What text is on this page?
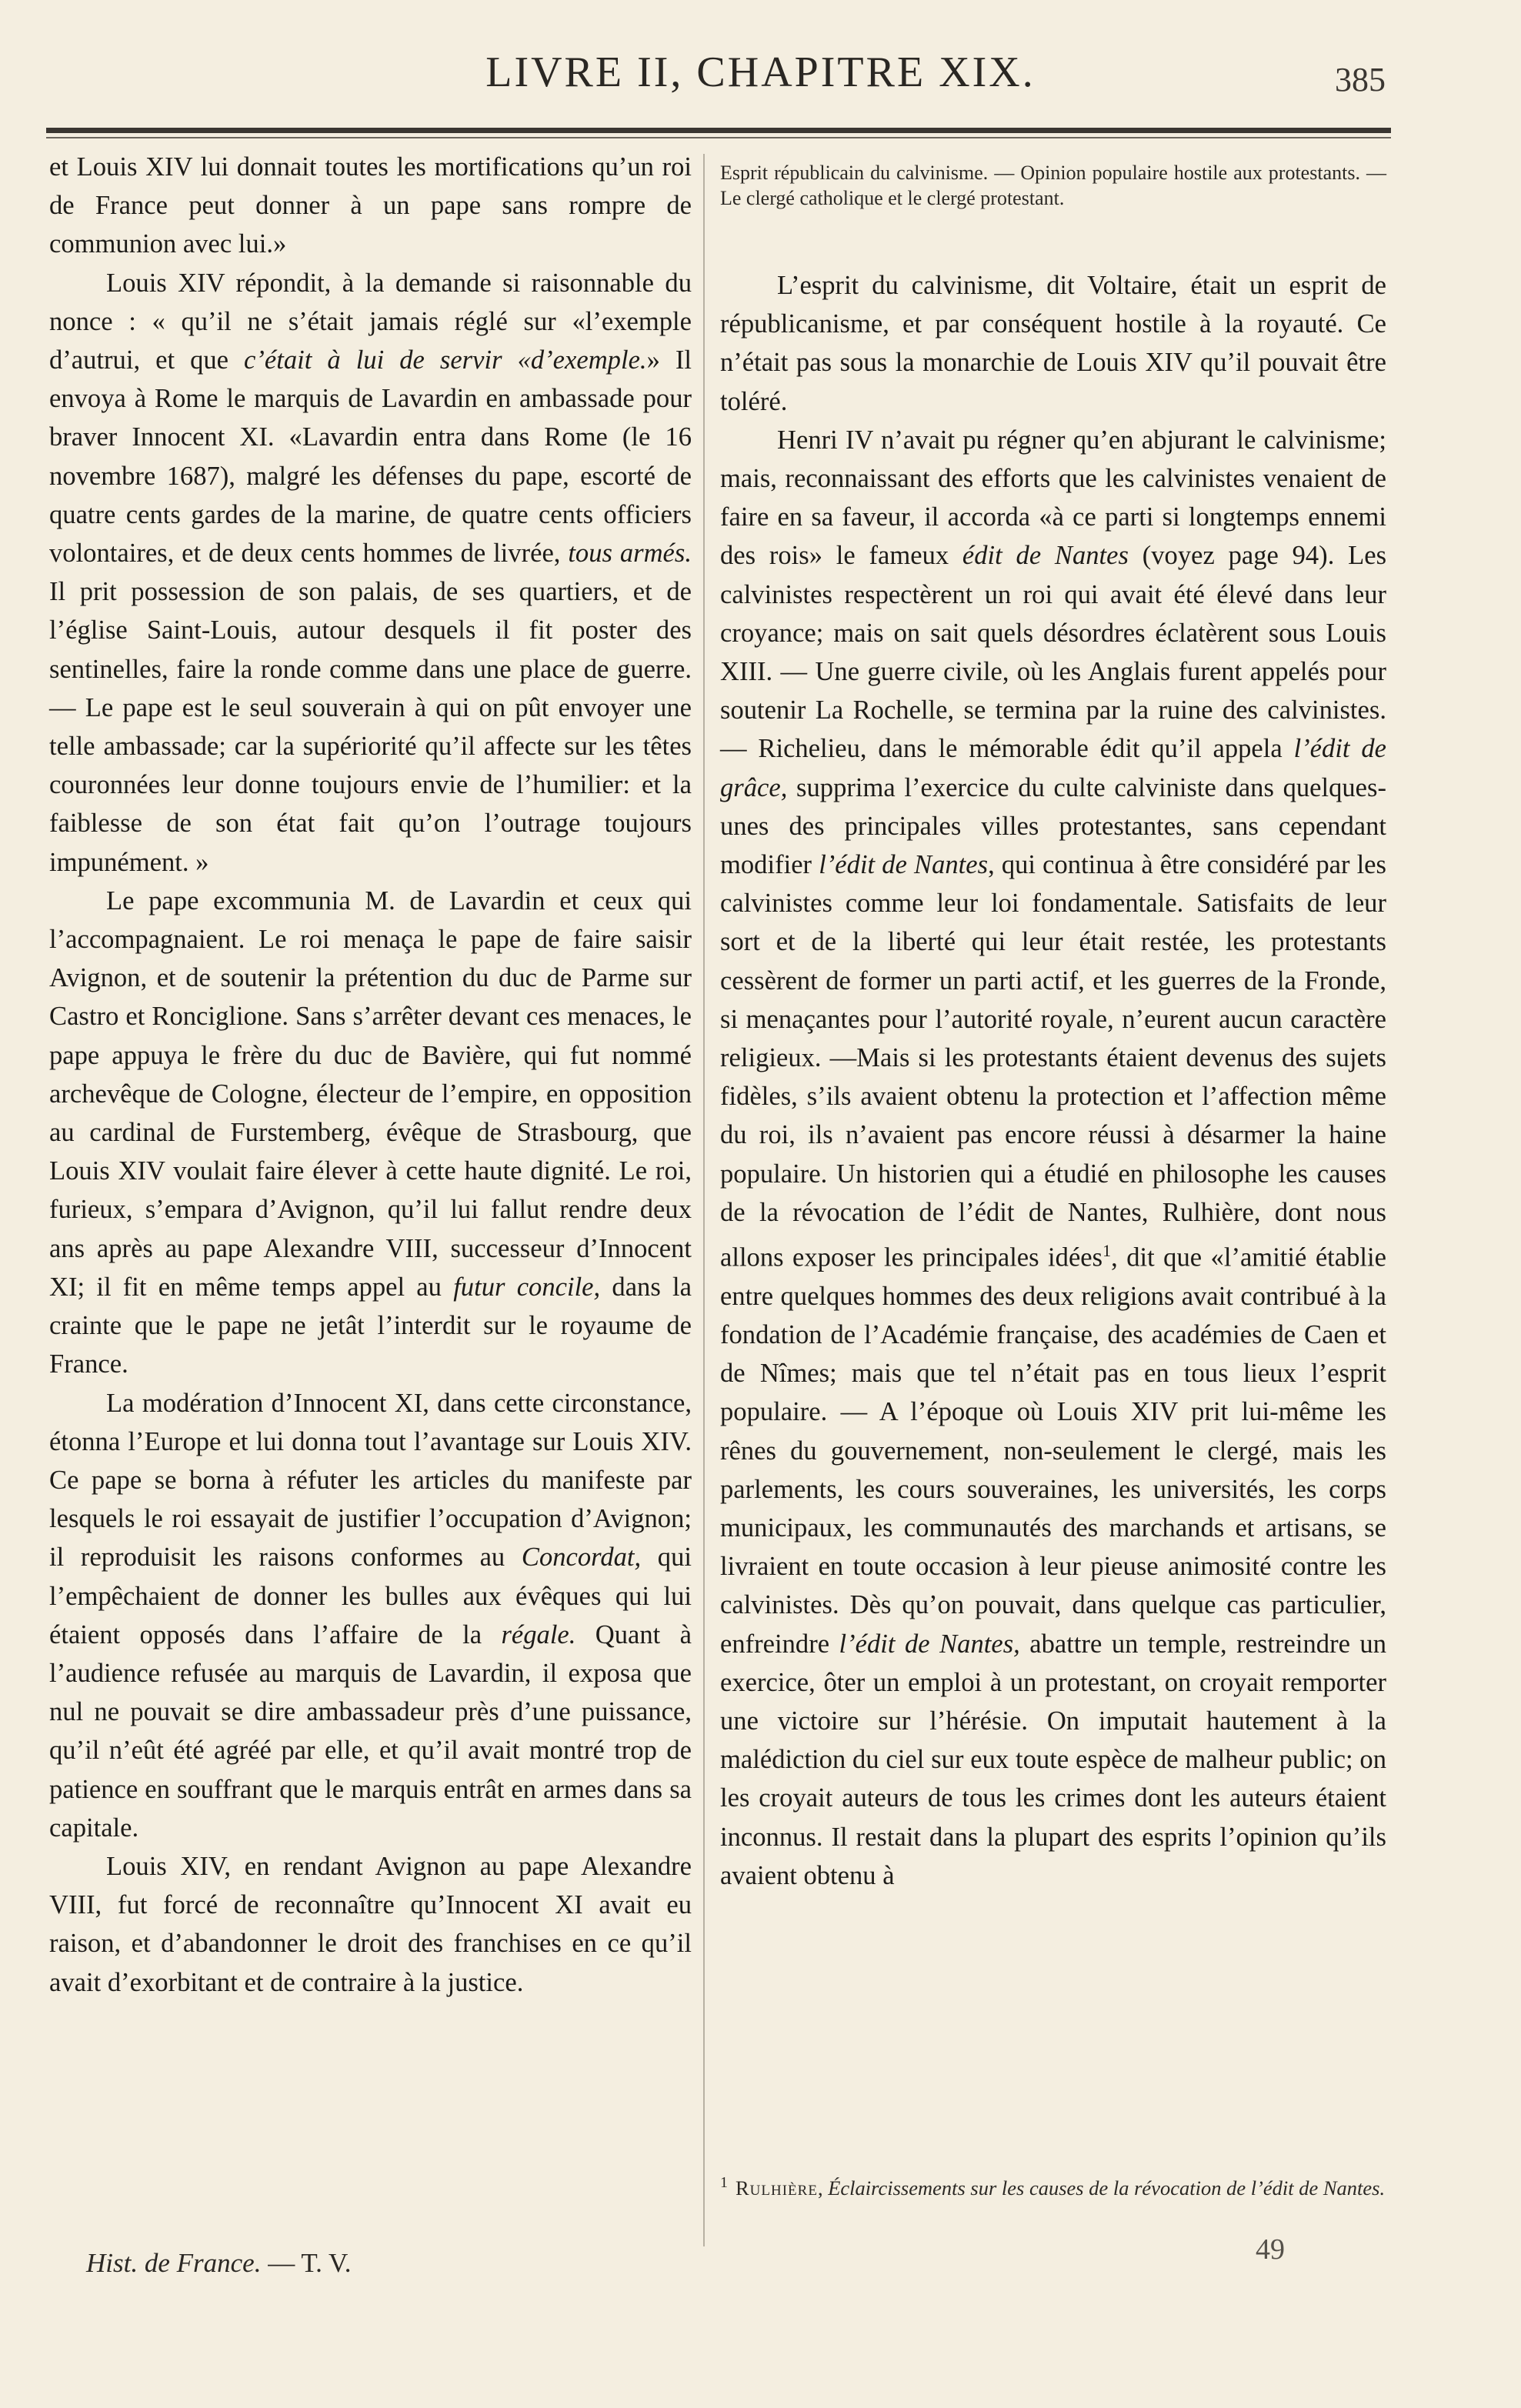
LIVRE II, CHAPITRE XIX.	385

et Louis XIV lui donnait toutes les mortifications qu’un roi de France peut donner à un pape sans rompre de communion avec lui.»

Louis XIV répondit, à la demande si raisonnable du nonce : « qu’il ne s’était jamais réglé sur «l’exemple d’autrui, et que c’était à lui de servir «d’exemple.» Il envoya à Rome le marquis de Lavardin en ambassade pour braver Innocent XI. «Lavardin entra dans Rome (le 16 novembre 1687), malgré les défenses du pape, escorté de quatre cents gardes de la marine, de quatre cents officiers volontaires, et de deux cents hommes de livrée, tous armés. Il prit possession de son palais, de ses quartiers, et de l’église Saint-Louis, autour desquels il fit poster des sentinelles, faire la ronde comme dans une place de guerre. — Le pape est le seul souverain à qui on pût envoyer une telle ambassade; car la supériorité qu’il affecte sur les têtes couronnées leur donne toujours envie de l’humilier: et la faiblesse de son état fait qu’on l’outrage toujours impunément. »

Le pape excommunia M. de Lavardin et ceux qui l’accompagnaient. Le roi menaça le pape de faire saisir Avignon, et de soutenir la prétention du duc de Parme sur Castro et Ronciglione. Sans s’arrêter devant ces menaces, le pape appuya le frère du duc de Bavière, qui fut nommé archevêque de Cologne, électeur de l’empire, en opposition au cardinal de Furstemberg, évêque de Strasbourg, que Louis XIV voulait faire élever à cette haute dignité. Le roi, furieux, s’empara d’Avignon, qu’il lui fallut rendre deux ans après au pape Alexandre VIII, successeur d’Innocent XI; il fit en même temps appel au futur concile, dans la crainte que le pape ne jetât l’interdit sur le royaume de France.

La modération d’Innocent XI, dans cette circonstance, étonna l’Europe et lui donna tout l’avantage sur Louis XIV. Ce pape se borna à réfuter les articles du manifeste par lesquels le roi essayait de justifier l’occupation d’Avignon; il reproduisit les raisons conformes au Concordat, qui l’empêchaient de donner les bulles aux évêques qui lui étaient opposés dans l’affaire de la régale. Quant à l’audience refusée au marquis de Lavardin, il exposa que nul ne pouvait se dire ambassadeur près d’une puissance, qu’il n’eût été agréé par elle, et qu’il avait montré trop de patience en souffrant que le marquis entrât en armes dans sa capitale.

Louis XIV, en rendant Avignon au pape Alexandre VIII, fut forcé de reconnaître qu’Innocent XI avait eu raison, et d’abandonner le droit des franchises en ce qu’il avait d’exorbitant et de contraire à la justice.

Esprit républicain du calvinisme. — Opinion populaire hostile aux protestants. — Le clergé catholique et le clergé protestant.

L’esprit du calvinisme, dit Voltaire, était un esprit de républicanisme, et par conséquent hostile à la royauté. Ce n’était pas sous la monarchie de Louis XIV qu’il pouvait être toléré.

Henri IV n’avait pu régner qu’en abjurant le calvinisme; mais, reconnaissant des efforts que les calvinistes venaient de faire en sa faveur, il accorda «à ce parti si longtemps ennemi des rois» le fameux édit de Nantes (voyez page 94). Les calvinistes respectèrent un roi qui avait été élevé dans leur croyance; mais on sait quels désordres éclatèrent sous Louis XIII. — Une guerre civile, où les Anglais furent appelés pour soutenir La Rochelle, se termina par la ruine des calvinistes.— Richelieu, dans le mémorable édit qu’il appela l’édit de grâce, supprima l’exercice du culte calviniste dans quelques-unes des principales villes protestantes, sans cependant modifier l’édit de Nantes, qui continua à être considéré par les calvinistes comme leur loi fondamentale. Satisfaits de leur sort et de la liberté qui leur était restée, les protestants cessèrent de former un parti actif, et les guerres de la Fronde, si menaçantes pour l’autorité royale, n’eurent aucun caractère religieux. —Mais si les protestants étaient devenus des sujets fidèles, s’ils avaient obtenu la protection et l’affection même du roi, ils n’avaient pas encore réussi à désarmer la haine populaire. Un historien qui a étudié en philosophe les causes de la révocation de l’édit de Nantes, Rulhière, dont nous allons exposer les principales idées$^1$, dit que «l’amitié établie entre quelques hommes des deux religions avait contribué à la fondation de l’Académie française, des académies de Caen et de Nîmes; mais que tel n’était pas en tous lieux l’esprit populaire. — A l’époque où Louis XIV prit lui-même les rênes du gouvernement, non-seulement le clergé, mais les parlements, les cours souveraines, les universités, les corps municipaux, les communautés des marchands et artisans, se livraient en toute occasion à leur pieuse animosité contre les calvinistes. Dès qu’on pouvait, dans quelque cas particulier, enfreindre l’édit de Nantes, abattre un temple, restreindre un exercice, ôter un emploi à un protestant, on croyait remporter une victoire sur l’hérésie. On imputait hautement à la malédiction du ciel sur eux toute espèce de malheur public; on les croyait auteurs de tous les crimes dont les auteurs étaient inconnus. Il restait dans la plupart des esprits l’opinion qu’ils avaient obtenu à

$^1$ Rulhière, Éclaircissements sur les causes de la révocation de l’édit de Nantes.
Hist. de France. — T. V.	49
